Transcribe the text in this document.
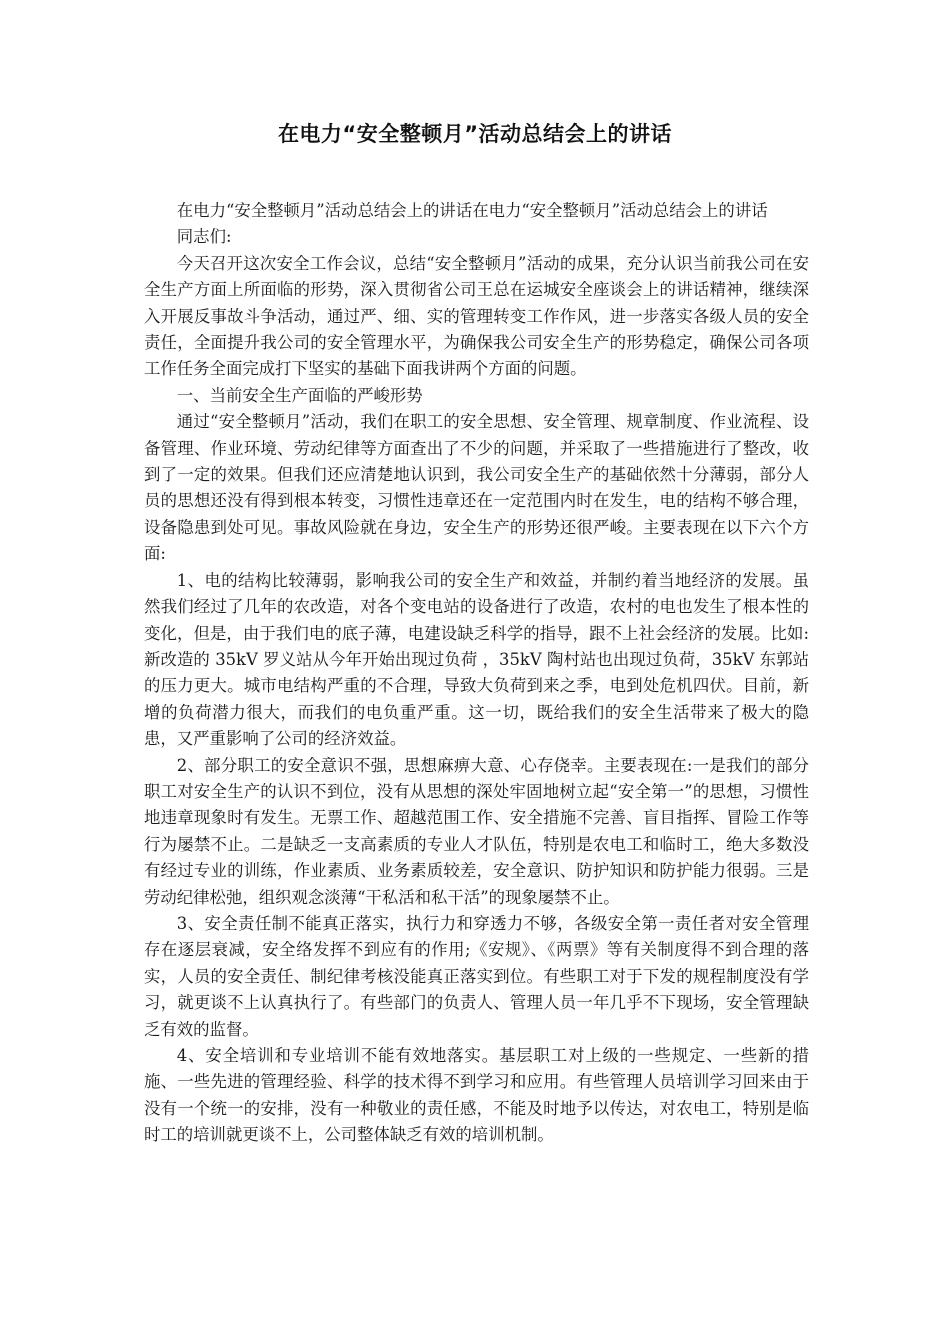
在电力“安全整顿月”活动总结会上的讲话

在电力“安全整顿月”活动总结会上的讲话在电力“安全整顿月”活动总结会上的讲话

同志们:

今天召开这次安全工作会议，总结“安全整顿月”活动的成果，充分认识当前我公司在安全生产方面上所面临的形势，深入贯彻省公司王总在运城安全座谈会上的讲话精神，继续深入开展反事故斗争活动，通过严、细、实的管理转变工作作风，进一步落实各级人员的安全责任，全面提升我公司的安全管理水平，为确保我公司安全生产的形势稳定，确保公司各项工作任务全面完成打下坚实的基础下面我讲两个方面的问题。

一、当前安全生产面临的严峻形势

通过“安全整顿月”活动，我们在职工的安全思想、安全管理、规章制度、作业流程、设备管理、作业环境、劳动纪律等方面查出了不少的问题，并采取了一些措施进行了整改，收到了一定的效果。但我们还应清楚地认识到，我公司安全生产的基础依然十分薄弱，部分人员的思想还没有得到根本转变，习惯性违章还在一定范围内时在发生，电的结构不够合理，设备隐患到处可见。事故风险就在身边，安全生产的形势还很严峻。主要表现在以下六个方面:

1、电的结构比较薄弱，影响我公司的安全生产和效益，并制约着当地经济的发展。虽然我们经过了几年的农改造，对各个变电站的设备进行了改造，农村的电也发生了根本性的变化，但是，由于我们电的底子薄，电建设缺乏科学的指导，跟不上社会经济的发展。比如: 新改造的 35kV 罗义站从今年开始出现过负荷 ，35kV 陶村站也出现过负荷，35kV 东郭站的压力更大。城市电结构严重的不合理，导致大负荷到来之季，电到处危机四伏。目前，新增的负荷潜力很大，而我们的电负重严重。这一切，既给我们的安全生活带来了极大的隐患，又严重影响了公司的经济效益。

2、部分职工的安全意识不强，思想麻痹大意、心存侥幸。主要表现在:一是我们的部分职工对安全生产的认识不到位，没有从思想的深处牢固地树立起“安全第一”的思想，习惯性地违章现象时有发生。无票工作、超越范围工作、安全措施不完善、盲目指挥、冒险工作等行为屡禁不止。二是缺乏一支高素质的专业人才队伍，特别是农电工和临时工，绝大多数没有经过专业的训练，作业素质、业务素质较差，安全意识、防护知识和防护能力很弱。三是劳动纪律松弛，组织观念淡薄“干私活和私干活”的现象屡禁不止。

3、安全责任制不能真正落实，执行力和穿透力不够，各级安全第一责任者对安全管理存在逐层衰减，安全络发挥不到应有的作用;《安规》、《两票》等有关制度得不到合理的落实，人员的安全责任、制纪律考核没能真正落实到位。有些职工对于下发的规程制度没有学习，就更谈不上认真执行了。有些部门的负责人、管理人员一年几乎不下现场，安全管理缺乏有效的监督。

4、安全培训和专业培训不能有效地落实。基层职工对上级的一些规定、一些新的措施、一些先进的管理经验、科学的技术得不到学习和应用。有些管理人员培训学习回来由于没有一个统一的安排，没有一种敬业的责任感，不能及时地予以传达，对农电工，特别是临时工的培训就更谈不上，公司整体缺乏有效的培训机制。
